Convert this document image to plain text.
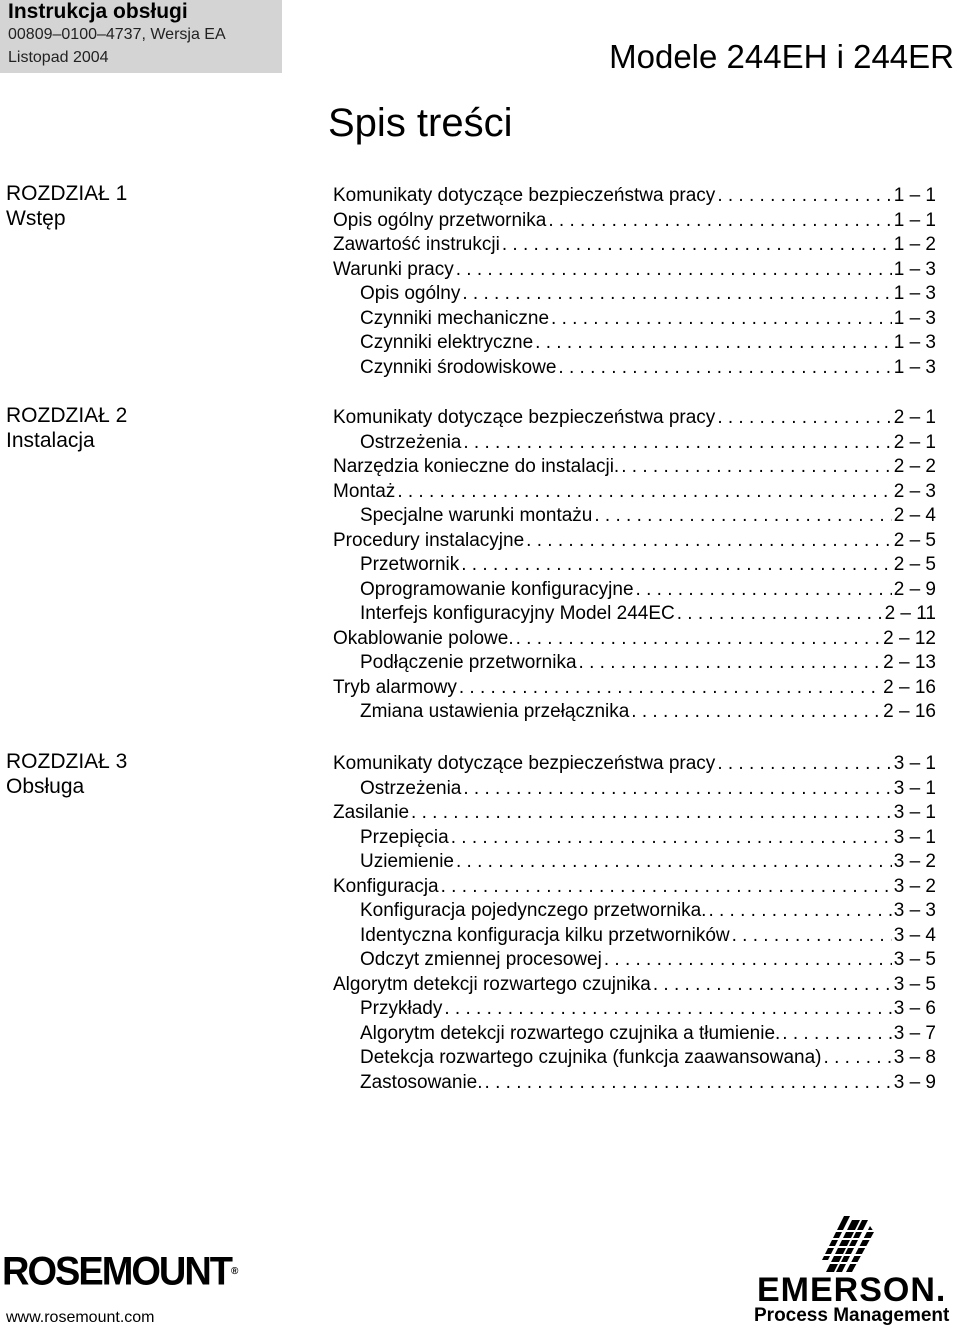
Instrukcja obsługi
00809–0100–4737, Wersja EA
Listopad 2004	Modele 244EH i 244ER
Spis treści
ROZDZIAŁ 1
Wstęp
Komunikaty dotyczące bezpieczeństwa pracy . . .	1 – 1
Opis ogólny przetwornika . . .	1 – 1
Zawartość instrukcji . . .	1 – 2
Warunki pracy . . .	1 – 3
Opis ogólny . . .	1 – 3
Czynniki mechaniczne . . .	1 – 3
Czynniki elektryczne . . .	1 – 3
Czynniki środowiskowe . . .	1 – 3
ROZDZIAŁ 2
Instalacja
Komunikaty dotyczące bezpieczeństwa pracy . . .	2 – 1
Ostrzeżenia . . .	2 – 1
Narzędzia konieczne do instalacji. . . .	2 – 2
Montaż . . .	2 – 3
Specjalne warunki montażu . . .	2 – 4
Procedury instalacyjne . . .	2 – 5
Przetwornik . . .	2 – 5
Oprogramowanie konfiguracyjne . . .	2 – 9
Interfejs konfiguracyjny Model 244EC . . .	2 – 11
Okablowanie polowe. . . .	2 – 12
Podłączenie przetwornika . . .	2 – 13
Tryb alarmowy . . .	2 – 16
Zmiana ustawienia przełącznika . . .	2 – 16
ROZDZIAŁ 3
Obsługa
Komunikaty dotyczące bezpieczeństwa pracy . . .	3 – 1
Ostrzeżenia . . .	3 – 1
Zasilanie . . .	3 – 1
Przepięcia . . .	3 – 1
Uziemienie . . .	3 – 2
Konfiguracja . . .	3 – 2
Konfiguracja pojedynczego przetwornika. . . .	3 – 3
Identyczna konfiguracja kilku przetworników . . .	3 – 4
Odczyt zmiennej procesowej . . .	3 – 5
Algorytm detekcji rozwartego czujnika . . .	3 – 5
Przykłady . . .	3 – 6
Algorytm detekcji rozwartego czujnika a tłumienie. . . .	3 – 7
Detekcja rozwartego czujnika (funkcja zaawansowana) . . .	3 – 8
Zastosowanie. . . .	3 – 9
ROSEMOUNT®
www.rosemount.com
EMERSON.
Process Management
